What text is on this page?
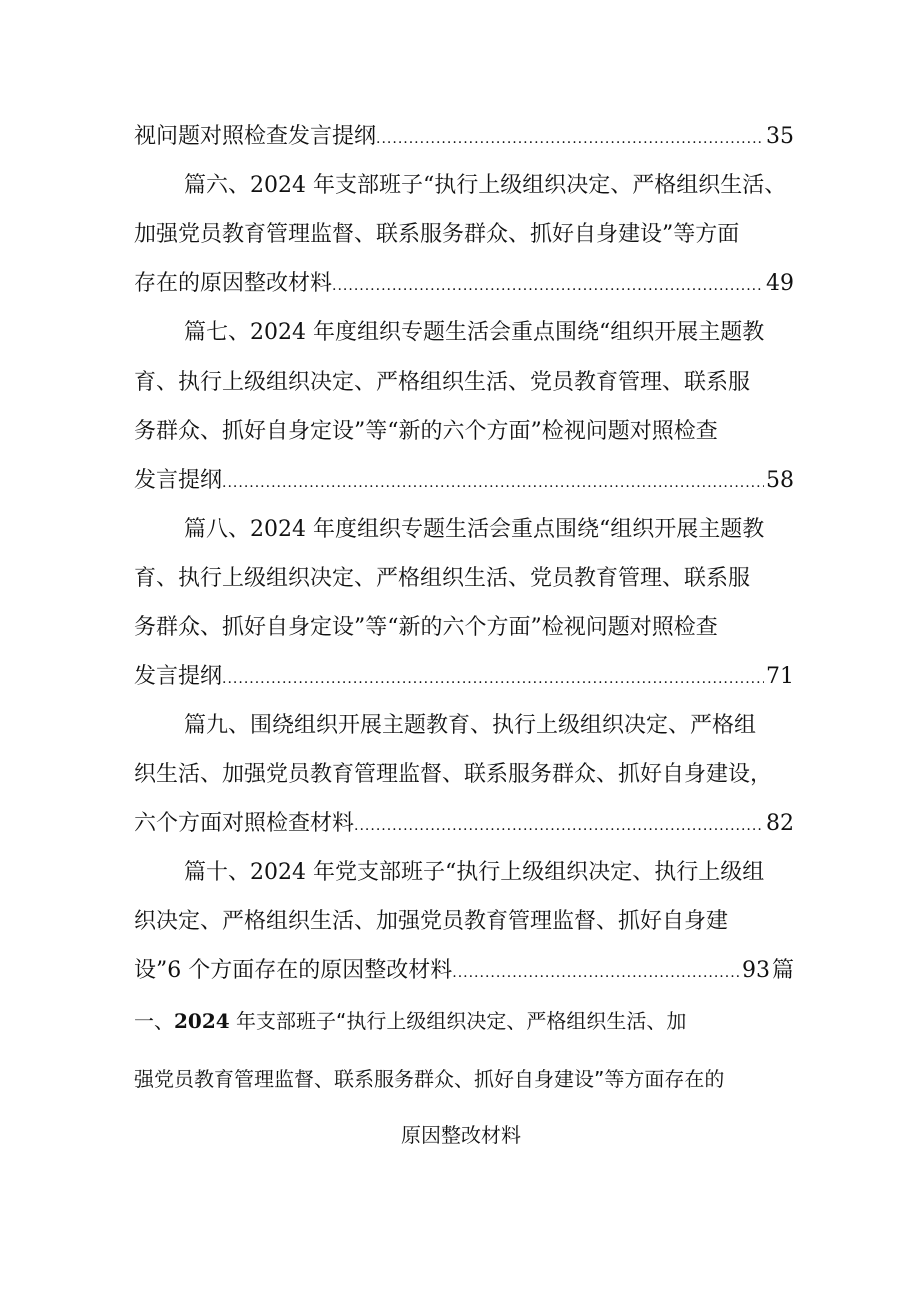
视问题对照检查发言提纲 .....	35
篇六、2024 年支部班子“执行上级组织决定、严格组织生活、
加强党员教育管理监督、联系服务群众、抓好自身建设”等方面
存在的原因整改材料 .....	49
篇七、2024 年度组织专题生活会重点围绕“组织开展主题教
育、执行上级组织决定、严格组织生活、党员教育管理、联系服
务群众、抓好自身定设”等“新的六个方面”检视问题对照检查
发言提纲 .....	58
篇八、2024 年度组织专题生活会重点围绕“组织开展主题教
育、执行上级组织决定、严格组织生活、党员教育管理、联系服
务群众、抓好自身定设”等“新的六个方面”检视问题对照检查
发言提纲 .....	71
篇九、围绕组织开展主题教育、执行上级组织决定、严格组
织生活、加强党员教育管理监督、联系服务群众、抓好自身建设，
六个方面对照检查材料 .....	82
篇十、2024 年党支部班子“执行上级组织决定、执行上级组
织决定、严格组织生活、加强党员教育管理监督、抓好自身建
设”6 个方面存在的原因整改材料 .....	93 篇
一、2024 年支部班子“执行上级组织决定、严格组织生活、加
强党员教育管理监督、联系服务群众、抓好自身建设”等方面存在的
原因整改材料
